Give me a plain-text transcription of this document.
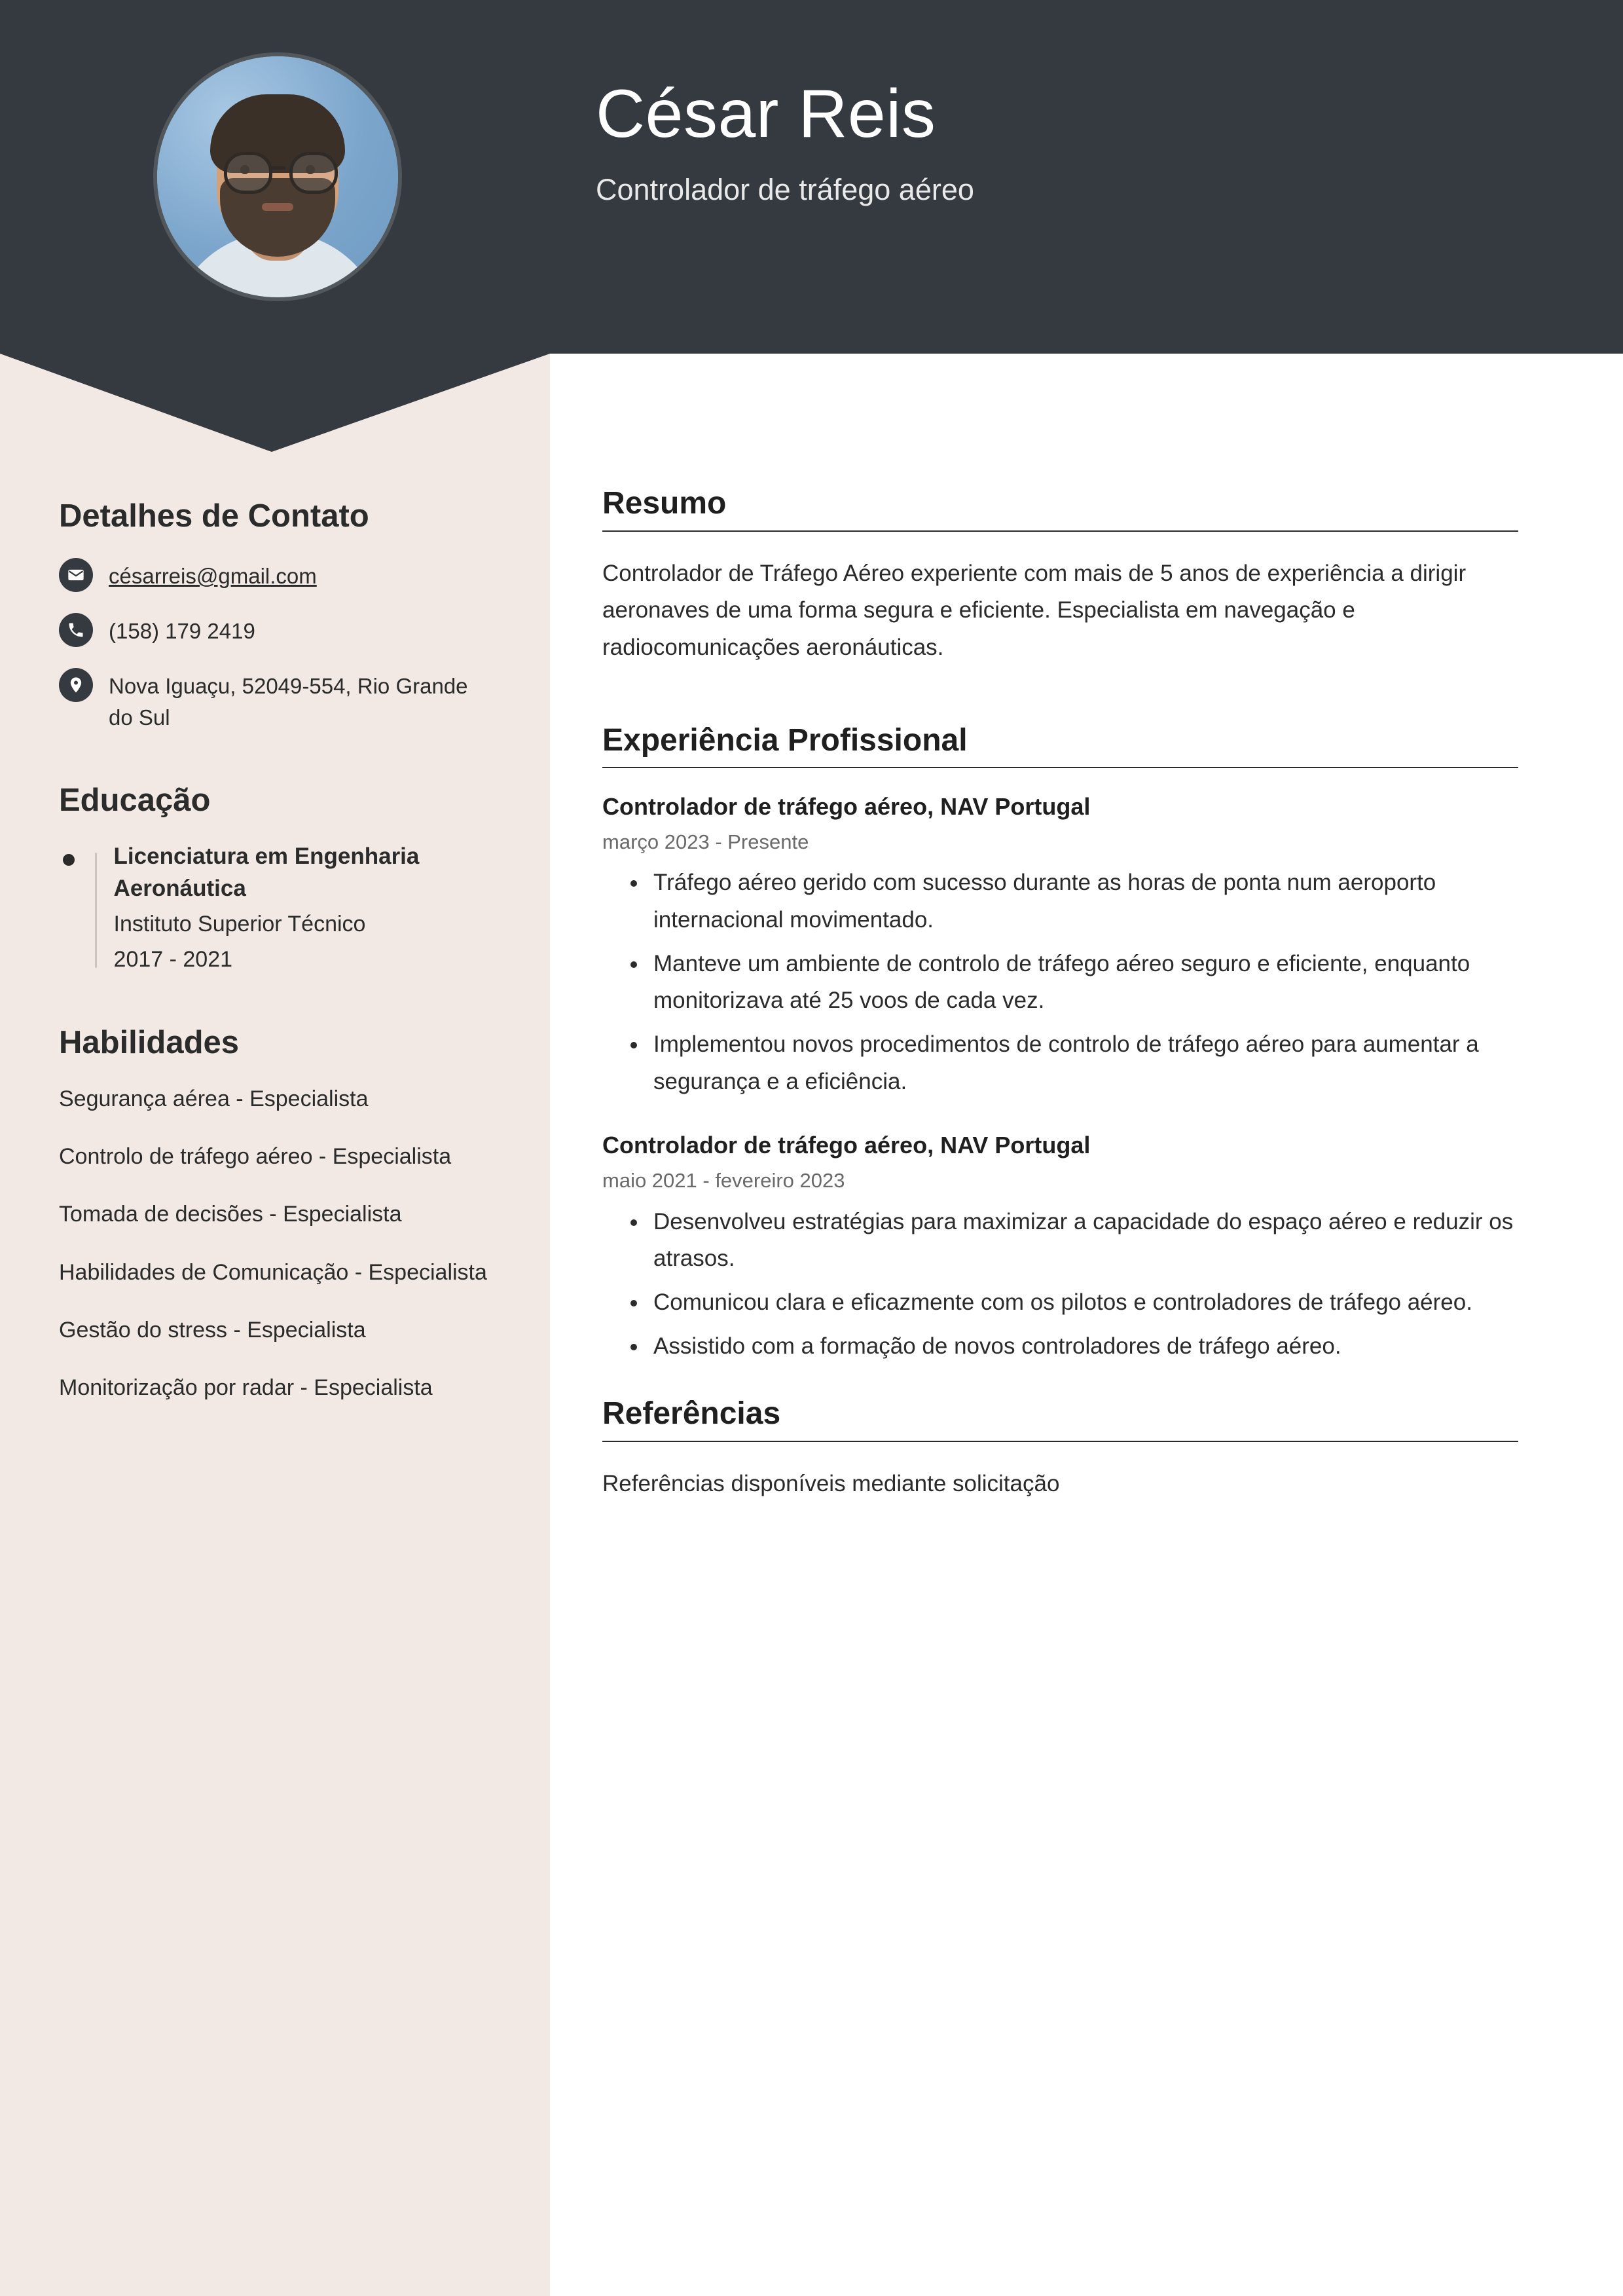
César Reis

Controlador de tráfego aéreo

Detalhes de Contato
césarreis@gmail.com
(158) 179 2419
Nova Iguaçu, 52049-554, Rio Grande do Sul
Educação

Licenciatura em Engenharia Aeronáutica

Instituto Superior Técnico

2017 - 2021

Habilidades

Segurança aérea - Especialista

Controlo de tráfego aéreo - Especialista

Tomada de decisões - Especialista

Habilidades de Comunicação - Especialista

Gestão do stress - Especialista

Monitorização por radar - Especialista

Resumo

Controlador de Tráfego Aéreo experiente com mais de 5 anos de experiência a dirigir aeronaves de uma forma segura e eficiente. Especialista em navegação e radiocomunicações aeronáuticas.

Experiência Profissional

Controlador de tráfego aéreo, NAV Portugal

março 2023 - Presente

• Tráfego aéreo gerido com sucesso durante as horas de ponta num aeroporto internacional movimentado.
• Manteve um ambiente de controlo de tráfego aéreo seguro e eficiente, enquanto monitorizava até 25 voos de cada vez.
• Implementou novos procedimentos de controlo de tráfego aéreo para aumentar a segurança e a eficiência.

Controlador de tráfego aéreo, NAV Portugal

maio 2021 - fevereiro 2023

• Desenvolveu estratégias para maximizar a capacidade do espaço aéreo e reduzir os atrasos.
• Comunicou clara e eficazmente com os pilotos e controladores de tráfego aéreo.
• Assistido com a formação de novos controladores de tráfego aéreo.
Referências

Referências disponíveis mediante solicitação
